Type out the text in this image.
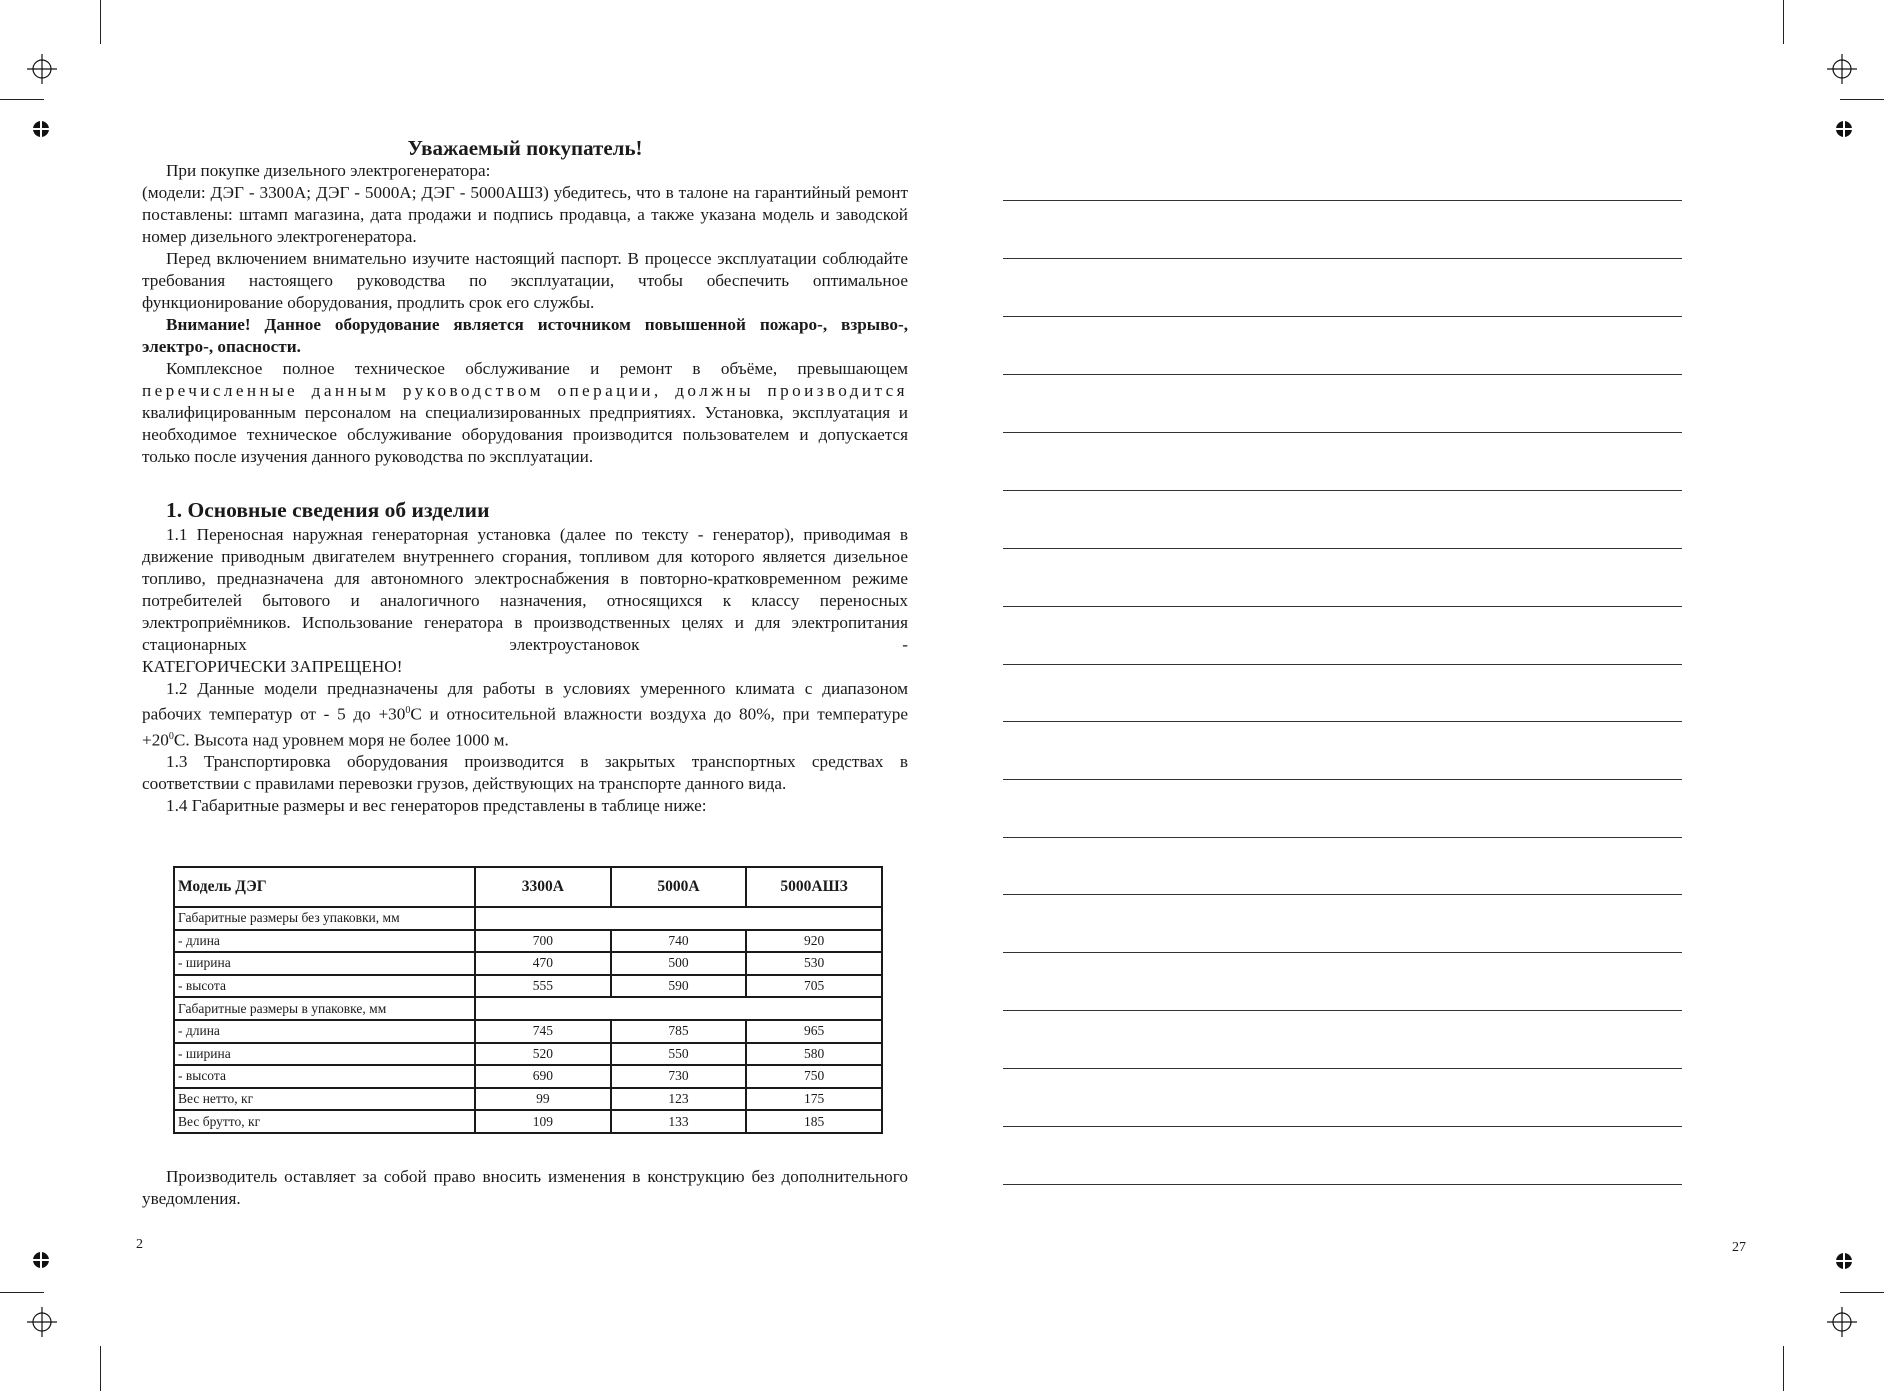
Уважаемый покупатель!

При покупке дизельного электрогенератора:

(модели: ДЭГ - 3300А; ДЭГ - 5000А; ДЭГ - 5000АШЗ) убедитесь, что в талоне на гарантийный ремонт поставлены: штамп магазина, дата продажи и подпись продавца, а также указана модель и заводской номер дизельного электрогенератора.

Перед включением внимательно изучите настоящий паспорт. В процессе эксплуатации соблюдайте требования настоящего руководства по эксплуатации, чтобы обеспечить оптимальное функционирование оборудования, продлить срок его службы.

Внимание! Данное оборудование является источником повышенной пожаро-, взрыво-, электро-, опасности.

Комплексное полное техническое обслуживание и ремонт в объёме, превышающем

перечисленные данным руководством операции, должны производится

квалифицированным персоналом на специализированных предприятиях. Установка, эксплуатация и необходимое техническое обслуживание оборудования производится пользователем и допускается только после изучения данного руководства по эксплуатации.

1. Основные сведения об изделии

1.1 Переносная наружная генераторная установка (далее по тексту - генератор), приводимая в движение приводным двигателем внутреннего сгорания, топливом для которого является дизельное топливо, предназначена для автономного электроснабжения в повторно-кратковременном режиме потребителей бытового и аналогичного назначения, относящихся к классу переносных электроприёмников. Использование генератора в производственных целях и для электропитания стационарных электроустановок -

КАТЕГОРИЧЕСКИ ЗАПРЕЩЕНО!

1.2 Данные модели предназначены для работы в условиях умеренного климата с диапазоном рабочих температур от - 5 до $+30^0С$ и относительной влажности воздуха до 80%, при температуре $+20^0С$. Высота над уровнем моря не более 1000 м.

1.3 Транспортировка оборудования производится в закрытых транспортных средствах в соответствии с правилами перевозки грузов, действующих на транспорте данного вида.

1.4 Габаритные размеры и вес генераторов представлены в таблице ниже:

Модель ДЭГ	3300А	5000А	5000АШЗ
Габаритные размеры без упаковки, мм			
- длина	700	740	920
- ширина	470	500	530
- высота	555	590	705
Габаритные размеры в упаковке, мм			
- длина	745	785	965
- ширина	520	550	580
- высота	690	730	750
Вес нетто, кг	99	123	175
Вес брутто, кг	109	133	185

Производитель оставляет за собой право вносить изменения в конструкцию без дополнительного уведомления.

2	27
